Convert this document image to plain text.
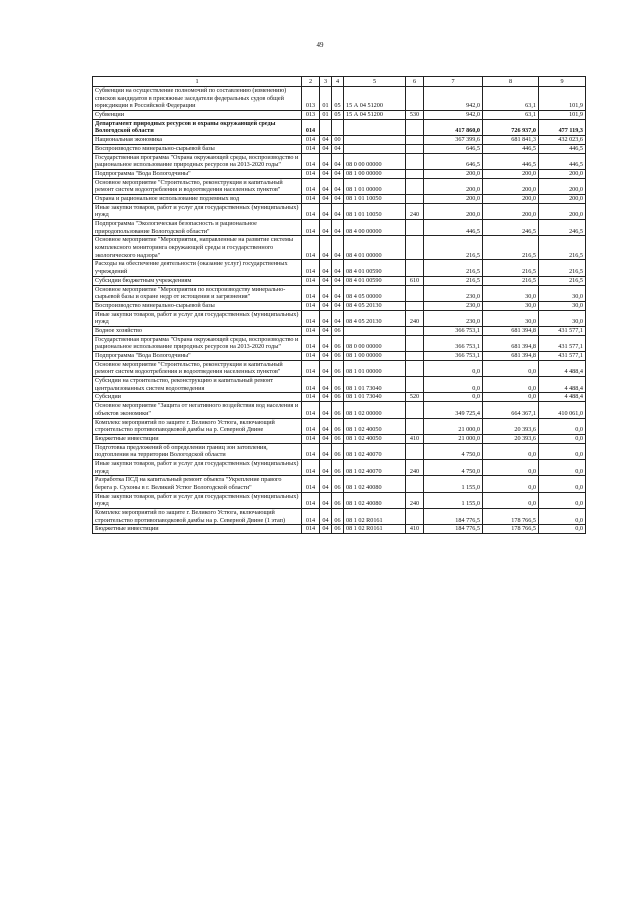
49
1	2	3	4	5	6	7	8	9
Субвенции на осуществление полномочий по составлению (изменению) списков кандидатов в присяжные заседатели федеральных судов общей юрисдикции в Российской Федерации	013	01	05	15 А 04 51200		942,0	63,1	101,9
Субвенции	013	01	05	15 А 04 51200	530	942,0	63,1	101,9
Департамент природных ресурсов и охраны окружающей среды Вологодской области	014					417 860,0	726 937,0	477 119,3
Национальная экономика	014	04	00			367 399,6	681 841,3	432 023,6
Воспроизводство минерально-сырьевой базы	014	04	04			646,5	446,5	446,5
Государственная программа "Охрана окружающей среды, воспроизводство и рациональное использование природных ресурсов на 2013-2020 годы"	014	04	04	08 0 00 00000		646,5	446,5	446,5
Подпрограмма "Вода Вологодчины"	014	04	04	08 1 00 00000		200,0	200,0	200,0
Основное мероприятие "Строительство, реконструкция и капитальный ремонт систем водоотребления и водоотведения населенных пунктов"	014	04	04	08 1 01 00000		200,0	200,0	200,0
Охрана и рациональное использование подземных вод	014	04	04	08 1 01 10050		200,0	200,0	200,0
Иные закупки товаров, работ и услуг для государственных (муниципальных) нужд	014	04	04	08 1 01 10050	240	200,0	200,0	200,0
Подпрограмма "Экологическая безопасность и рациональное природопользование Вологодской области"	014	04	04	08 4 00 00000		446,5	246,5	246,5
Основное мероприятие "Мероприятия, направленные на развитие системы комплексного мониторинга окружающей среды и государственного экологического надзора"	014	04	04	08 4 01 00000		216,5	216,5	216,5
Расходы на обеспечение деятельности (оказание услуг) государственных учреждений	014	04	04	08 4 01 00590		216,5	216,5	216,5
Субсидии бюджетным учреждениям	014	04	04	08 4 01 00590	610	216,5	216,5	216,5
Основное мероприятие "Мероприятия по воспроизводству минерально-сырьевой базы и охране недр от истощения и загрязнения"	014	04	04	08 4 05 00000		230,0	30,0	30,0
Воспроизводство минерально-сырьевой базы	014	04	04	08 4 05 20130		230,0	30,0	30,0
Иные закупки товаров, работ и услуг для государственных (муниципальных) нужд	014	04	04	08 4 05 20130	240	230,0	30,0	30,0
Водное хозяйство	014	04	06			366 753,1	681 394,8	431 577,1
Государственная программа "Охрана окружающей среды, воспроизводство и рациональное использование природных ресурсов на 2013-2020 годы"	014	04	06	08 0 00 00000		366 753,1	681 394,8	431 577,1
Подпрограмма "Вода Вологодчины"	014	04	06	08 1 00 00000		366 753,1	681 394,8	431 577,1
Основное мероприятие "Строительство, реконструкция и капитальный ремонт систем водоотребления и водоотведения населенных пунктов"	014	04	06	08 1 01 00000		0,0	0,0	4 488,4
Субсидии на строительство, реконструкцию и капитальный ремонт централизованных систем водоотведения	014	04	06	08 1 01 73040		0,0	0,0	4 488,4
Субсидии	014	04	06	08 1 01 73040	520	0,0	0,0	4 488,4
Основное мероприятие "Защита от негативного воздействия вод населения и объектов экономики"	014	04	06	08 1 02 00000		349 725,4	664 367,1	410 061,0
Комплекс мероприятий по защите г. Великого Устюга, включающий строительство противопаводковой дамбы на р. Северной Двине	014	04	06	08 1 02 40050		21 000,0	20 393,6	0,0
Бюджетные инвестиции	014	04	06	08 1 02 40050	410	21 000,0	20 393,6	0,0
Подготовка предложений об определении границ зон затопления, подтопления на территории Вологодской области	014	04	06	08 1 02 40070		4 750,0	0,0	0,0
Иные закупки товаров, работ и услуг для государственных (муниципальных) нужд	014	04	06	08 1 02 40070	240	4 750,0	0,0	0,0
Разработка ПСД на капитальный ремонт объекта "Укрепление правого берега р. Сухоны в г. Великий Устюг Вологодской области"	014	04	06	08 1 02 40080		1 155,0	0,0	0,0
Иные закупки товаров, работ и услуг для государственных (муниципальных) нужд	014	04	06	08 1 02 40080	240	1 155,0	0,0	0,0
Комплекс мероприятий по защите г. Великого Устюга, включающий строительство противопаводковой дамбы на р. Северной Двине (1 этап)	014	04	06	08 1 02 R0161		184 776,5	178 766,5	0,0
Бюджетные инвестиции	014	04	06	08 1 02 R0161	410	184 776,5	178 766,5	0,0
